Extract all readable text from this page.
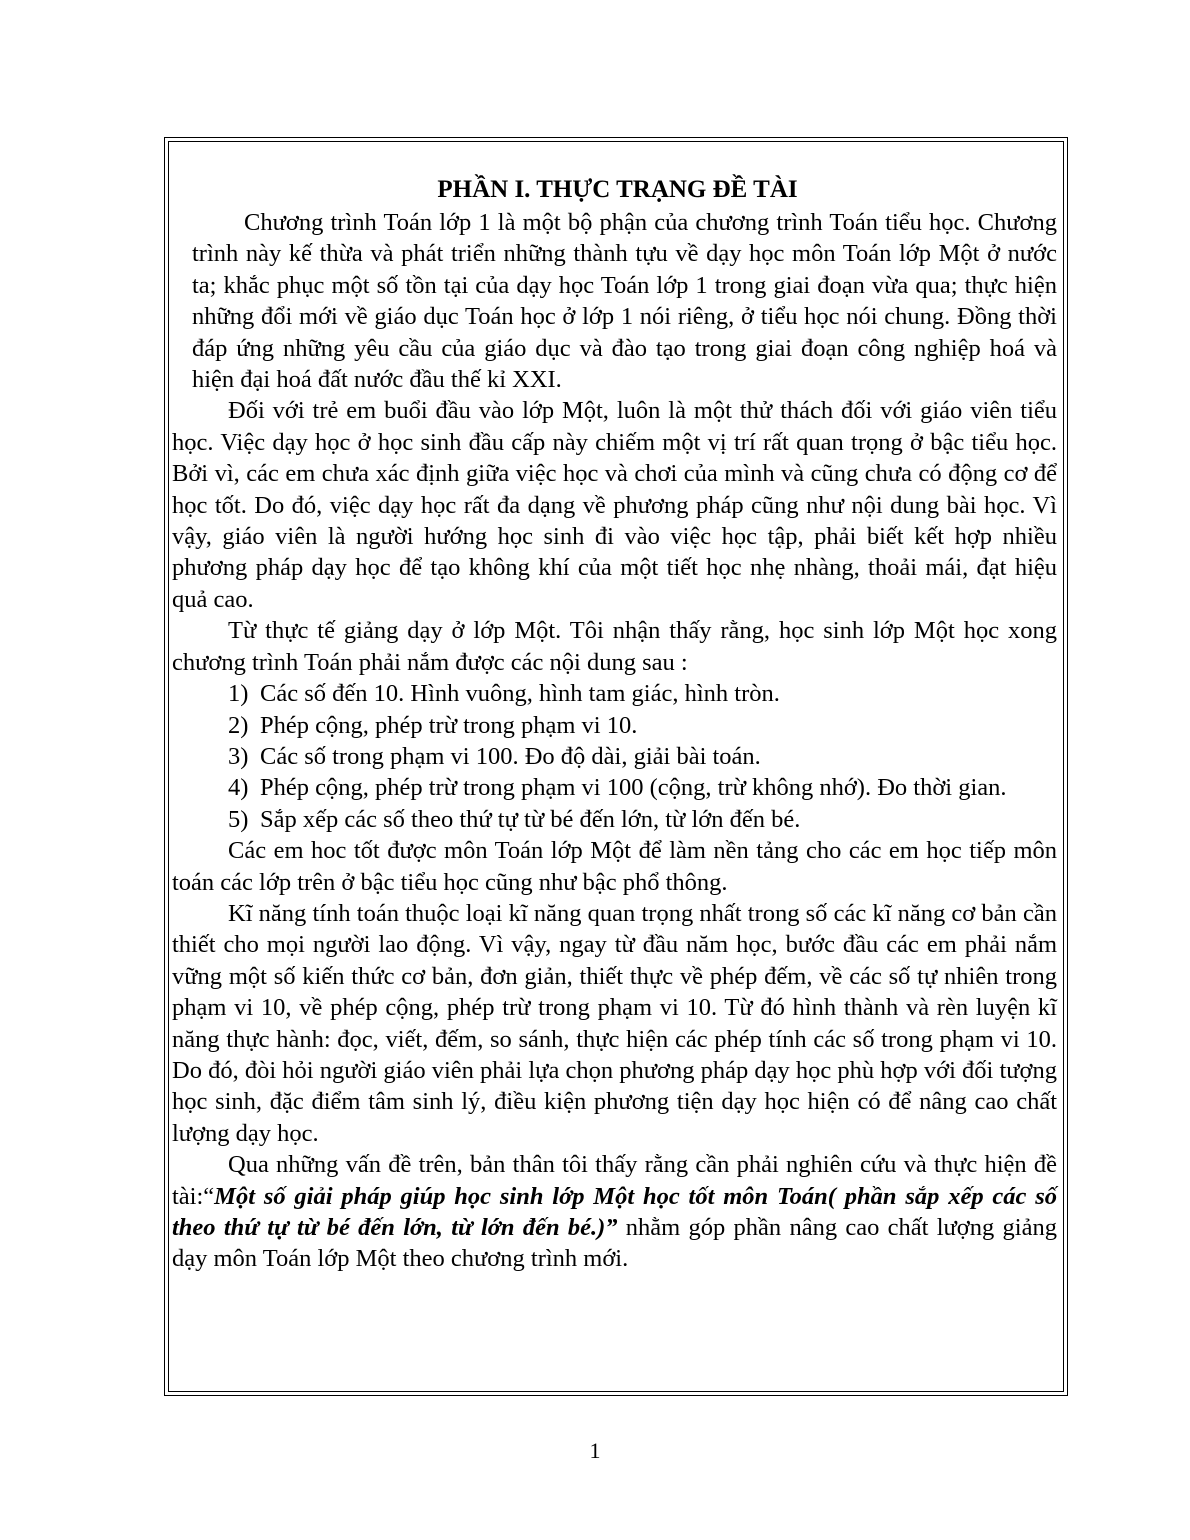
PHẦN I. THỰC TRẠNG ĐỀ TÀI

Chương trình Toán lớp 1 là một bộ phận của chương trình Toán tiểu học. Chương trình này kế thừa và phát triển những thành tựu về dạy học môn Toán lớp Một ở nước ta; khắc phục một số tồn tại của dạy học Toán lớp 1 trong giai đoạn vừa qua; thực hiện những đổi mới về giáo dục Toán học ở lớp 1 nói riêng, ở tiểu học nói chung. Đồng thời đáp ứng những yêu cầu của giáo dục và đào tạo trong giai đoạn công nghiệp hoá và hiện đại hoá đất nước đầu thế kỉ XXI.

Đối với trẻ em buổi đầu vào lớp Một, luôn là một thử thách đối với giáo viên tiểu học. Việc dạy học ở học sinh đầu cấp này chiếm một vị trí rất quan trọng ở bậc tiểu học. Bởi vì, các em chưa xác định giữa việc học và chơi của mình và cũng chưa có động cơ để học tốt. Do đó, việc dạy học rất đa dạng về phương pháp cũng như nội dung bài học. Vì vậy, giáo viên là người hướng học sinh đi vào việc học tập, phải biết kết hợp nhiều phương pháp dạy học để tạo không khí của một tiết học nhẹ nhàng, thoải mái, đạt hiệu quả cao.

Từ thực tế giảng dạy ở lớp Một. Tôi nhận thấy rằng, học sinh lớp Một học xong chương trình Toán phải nắm được các nội dung sau :

1) Các số đến 10. Hình vuông, hình tam giác, hình tròn.
2) Phép cộng, phép trừ trong phạm vi 10.
3) Các số trong phạm vi 100. Đo độ dài, giải bài toán.
4) Phép cộng, phép trừ trong phạm vi 100 (cộng, trừ không nhớ). Đo thời gian.
5) Sắp xếp các số theo thứ tự từ bé đến lớn, từ lớn đến bé.

Các em hoc tốt được môn Toán lớp Một để làm nền tảng cho các em học tiếp môn toán các lớp trên ở bậc tiểu học cũng như bậc phổ thông.

Kĩ năng tính toán thuộc loại kĩ năng quan trọng nhất trong số các kĩ năng cơ bản cần thiết cho mọi người lao động. Vì vậy, ngay từ đầu năm học, bước đầu các em phải nắm vững một số kiến thức cơ bản, đơn giản, thiết thực về phép đếm, về các số tự nhiên trong phạm vi 10, về phép cộng, phép trừ trong phạm vi 10. Từ đó hình thành và rèn luyện kĩ năng thực hành: đọc, viết, đếm, so sánh, thực hiện các phép tính các số trong phạm vi 10. Do đó, đòi hỏi người giáo viên phải lựa chọn phương pháp dạy học phù hợp với đối tượng học sinh, đặc điểm tâm sinh lý, điều kiện phương tiện dạy học hiện có để nâng cao chất lượng dạy học.

Qua những vấn đề trên, bản thân tôi thấy rằng cần phải nghiên cứu và thực hiện đề tài:“Một số giải pháp giúp học sinh lớp Một học tốt môn Toán( phần sắp xếp các số theo thứ tự từ bé đến lớn, từ lớn đến bé.)” nhằm góp phần nâng cao chất lượng giảng dạy môn Toán lớp Một theo chương trình mới.

1
